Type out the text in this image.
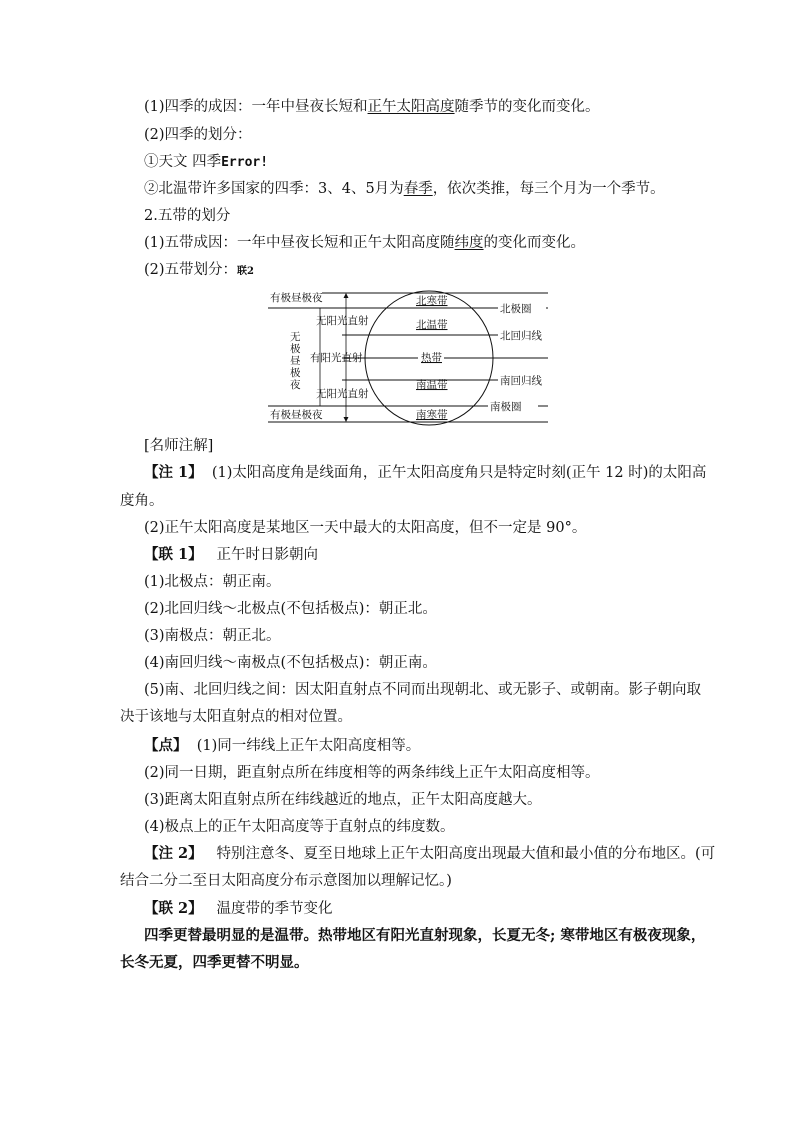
(1)四季的成因：一年中昼夜长短和正午太阳高度随季节的变化而变化。
(2)四季的划分：
①天文 四季Error!
②北温带许多国家的四季：3、4、5月为春季，依次类推，每三个月为一个季节。
2.五带的划分
(1)五带成因：一年中昼夜长短和正午太阳高度随纬度的变化而变化。
(2)五带划分：联2
有极昼极夜
有极昼极夜
无阳光直射
有阳光直射
无阳光直射
无
极
昼
极
夜
北寒带
北温带
热带
南温带
南寒带
北极圈
北回归线
南回归线
南极圈
[名师注解]
【注 1】 (1)太阳高度角是线面角，正午太阳高度角只是特定时刻(正午 12 时)的太阳高
度角。
(2)正午太阳高度是某地区一天中最大的太阳高度，但不一定是 90°。
【联 1】 正午时日影朝向
(1)北极点：朝正南。
(2)北回归线～北极点(不包括极点)：朝正北。
(3)南极点：朝正北。
(4)南回归线～南极点(不包括极点)：朝正南。
(5)南、北回归线之间：因太阳直射点不同而出现朝北、或无影子、或朝南。影子朝向取
决于该地与太阳直射点的相对位置。
【点】 (1)同一纬线上正午太阳高度相等。
(2)同一日期，距直射点所在纬度相等的两条纬线上正午太阳高度相等。
(3)距离太阳直射点所在纬线越近的地点，正午太阳高度越大。
(4)极点上的正午太阳高度等于直射点的纬度数。
【注 2】 特别注意冬、夏至日地球上正午太阳高度出现最大值和最小值的分布地区。(可
结合二分二至日太阳高度分布示意图加以理解记忆。)
【联 2】 温度带的季节变化
四季更替最明显的是温带。热带地区有阳光直射现象，长夏无冬; 寒带地区有极夜现象，
长冬无夏，四季更替不明显。
